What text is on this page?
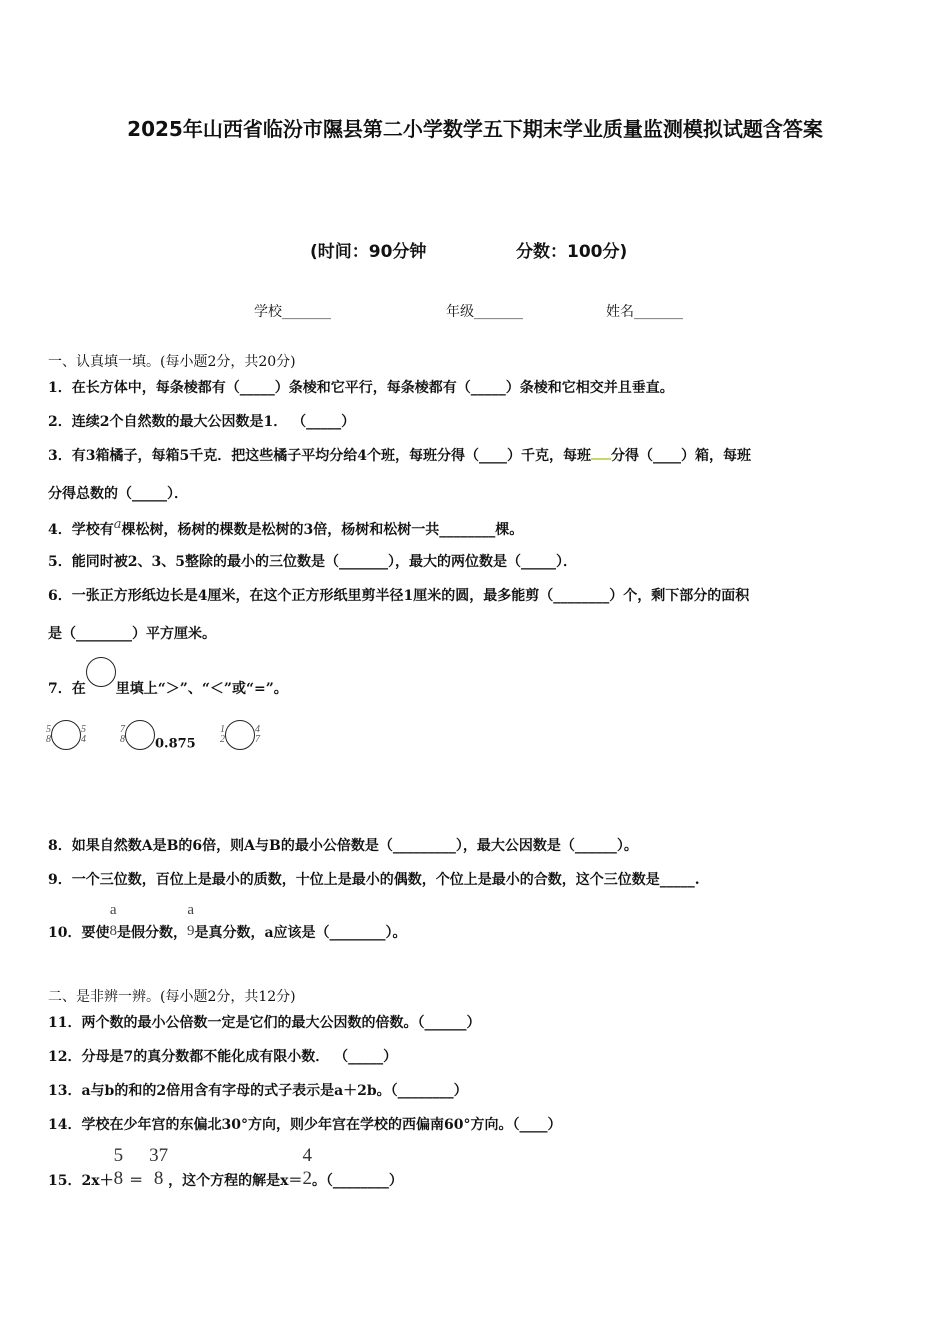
2025年山西省临汾市隰县第二小学数学五下期末学业质量监测模拟试题含答案
(时间：90分钟	分数：100分)
学校_______	年级_______	姓名_______
一、认真填一填。(每小题2分，共20分)
1．在长方体中，每条棱都有（_____）条棱和它平行，每条棱都有（_____）条棱和它相交并且垂直。
2．连续2个自然数的最大公因数是1． （_____）
3．有3箱橘子，每箱5千克．把这些橘子平均分给4个班，每班分得（____）千克，每班 分得（____）箱，每班
分得总数的（_____）．
4．学校有a棵松树，杨树的棵数是松树的3倍，杨树和松树一共________棵。
5．能同时被2、3、5整除的最小的三位数是（_______），最大的两位数是（_____）．
6．一张正方形纸边长是4厘米，在这个正方形纸里剪半径1厘米的圆，最多能剪（________）个，剩下部分的面积
是（________）平方厘米。
7．在 里填上“＞”、“＜”或“=”。
5
8
5
4
7
8 $_{0.875}$
1
2
4
7
8．如果自然数A是B的6倍，则A与B的最小公倍数是（_________），最大公因数是（______）。
9．一个三位数，百位上是最小的质数，十位上是最小的偶数，个位上是最小的合数，这个三位数是_____.
10．要使
a
8 是假分数，
a
9 是真分数，a应该是（________）。
二、是非辨一辨。(每小题2分，共12分)
11．两个数的最小公倍数一定是它们的最大公因数的倍数。（______）
12．分母是7的真分数都不能化成有限小数． （_____）
13．a与b的和的2倍用含有字母的式子表示是a＋2b。（________）
14．学校在少年宫的东偏北30°方向，则少年宫在学校的西偏南60°方向。（____）
15．2x＋
5
8 ＝
37
8 ，这个方程的解是x＝
4
2 。（________）
